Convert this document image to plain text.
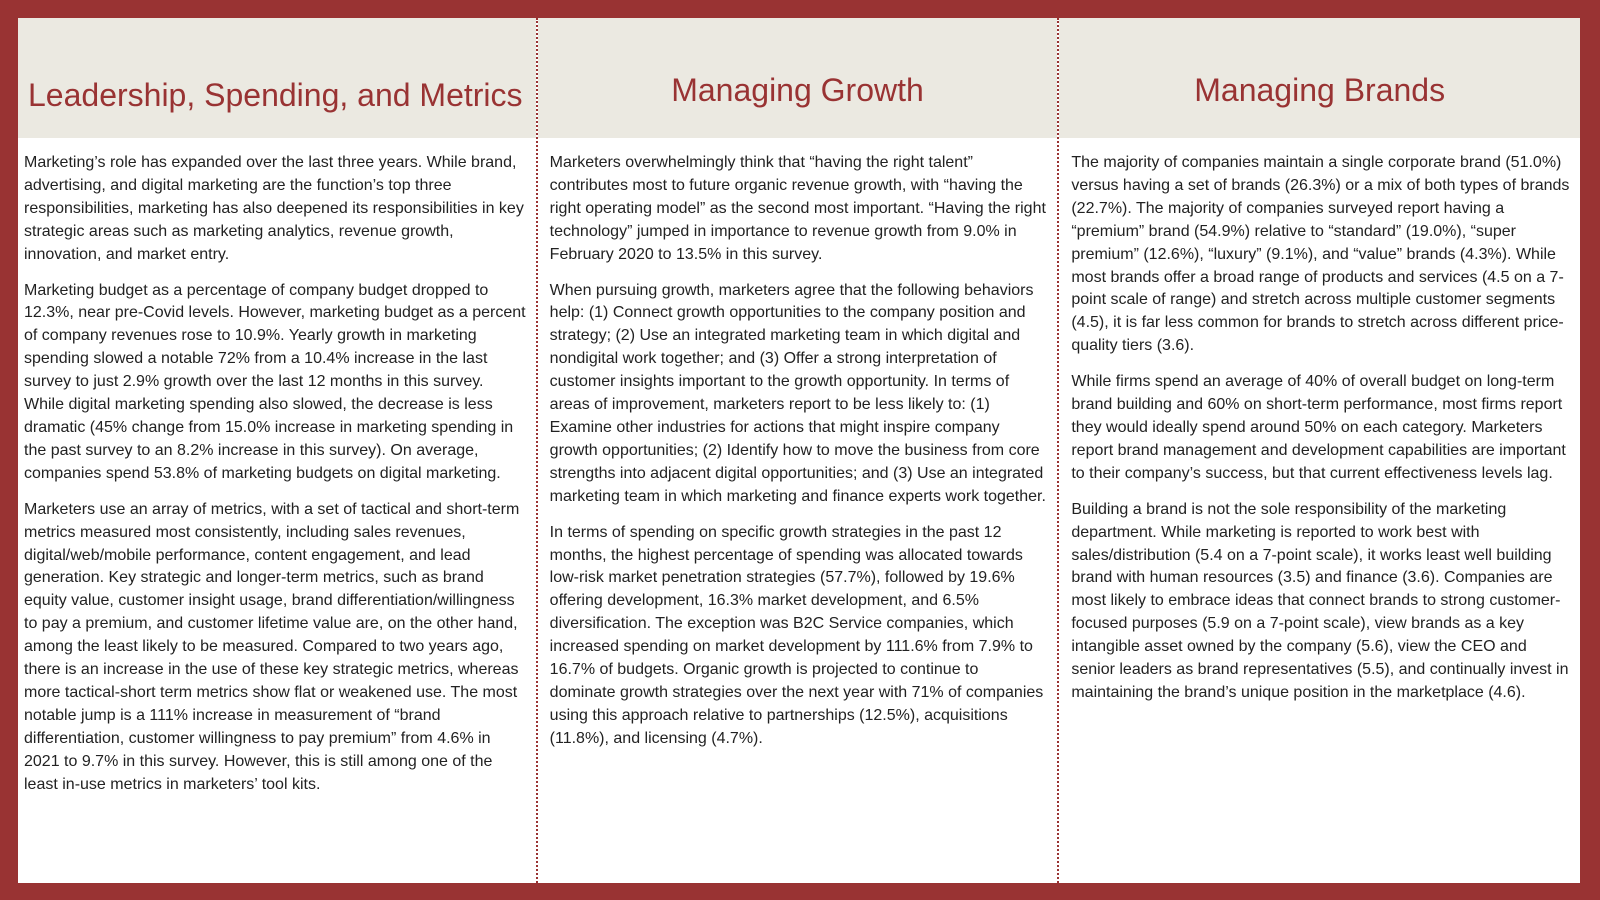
Leadership, Spending, and Metrics

Marketing’s role has expanded over the last three years. While brand, advertising, and digital marketing are the function’s top three responsibilities, marketing has also deepened its responsibilities in key strategic areas such as marketing analytics, revenue growth, innovation, and market entry.

Marketing budget as a percentage of company budget dropped to 12.3%, near pre-Covid levels. However, marketing budget as a percent of company revenues rose to 10.9%. Yearly growth in marketing spending slowed a notable 72% from a 10.4% increase in the last survey to just 2.9% growth over the last 12 months in this survey. While digital marketing spending also slowed, the decrease is less dramatic (45% change from 15.0% increase in marketing spending in the past survey to an 8.2% increase in this survey). On average, companies spend 53.8% of marketing budgets on digital marketing.

Marketers use an array of metrics, with a set of tactical and short-term metrics measured most consistently, including sales revenues, digital/web/mobile performance, content engagement, and lead generation. Key strategic and longer-term metrics, such as brand equity value, customer insight usage, brand differentiation/willingness to pay a premium, and customer lifetime value are, on the other hand, among the least likely to be measured. Compared to two years ago, there is an increase in the use of these key strategic metrics, whereas more tactical-short term metrics show flat or weakened use. The most notable jump is a 111% increase in measurement of “brand differentiation, customer willingness to pay premium” from 4.6% in 2021 to 9.7% in this survey. However, this is still among one of the least in-use metrics in marketers’ tool kits.

Managing Growth

Marketers overwhelmingly think that “having the right talent” contributes most to future organic revenue growth, with “having the right operating model” as the second most important. “Having the right technology” jumped in importance to revenue growth from 9.0% in February 2020 to 13.5% in this survey.

When pursuing growth, marketers agree that the following behaviors help: (1) Connect growth opportunities to the company position and strategy; (2) Use an integrated marketing team in which digital and nondigital work together; and (3) Offer a strong interpretation of customer insights important to the growth opportunity. In terms of areas of improvement, marketers report to be less likely to: (1) Examine other industries for actions that might inspire company growth opportunities; (2) Identify how to move the business from core strengths into adjacent digital opportunities; and (3) Use an integrated marketing team in which marketing and finance experts work together.

In terms of spending on specific growth strategies in the past 12 months, the highest percentage of spending was allocated towards low-risk market penetration strategies (57.7%), followed by 19.6% offering development, 16.3% market development, and 6.5% diversification. The exception was B2C Service companies, which increased spending on market development by 111.6% from 7.9% to 16.7% of budgets. Organic growth is projected to continue to dominate growth strategies over the next year with 71% of companies using this approach relative to partnerships (12.5%), acquisitions (11.8%), and licensing (4.7%).

Managing Brands

The majority of companies maintain a single corporate brand (51.0%) versus having a set of brands (26.3%) or a mix of both types of brands (22.7%). The majority of companies surveyed report having a “premium” brand (54.9%) relative to “standard” (19.0%), “super premium” (12.6%), “luxury” (9.1%), and “value” brands (4.3%). While most brands offer a broad range of products and services (4.5 on a 7-point scale of range) and stretch across multiple customer segments (4.5), it is far less common for brands to stretch across different price-quality tiers (3.6).

While firms spend an average of 40% of overall budget on long-term brand building and 60% on short-term performance, most firms report they would ideally spend around 50% on each category. Marketers report brand management and development capabilities are important to their company’s success, but that current effectiveness levels lag.

Building a brand is not the sole responsibility of the marketing department. While marketing is reported to work best with sales/distribution (5.4 on a 7-point scale), it works least well building brand with human resources (3.5) and finance (3.6). Companies are most likely to embrace ideas that connect brands to strong customer-focused purposes (5.9 on a 7-point scale), view brands as a key intangible asset owned by the company (5.6), view the CEO and senior leaders as brand representatives (5.5), and continually invest in maintaining the brand’s unique position in the marketplace (4.6).
